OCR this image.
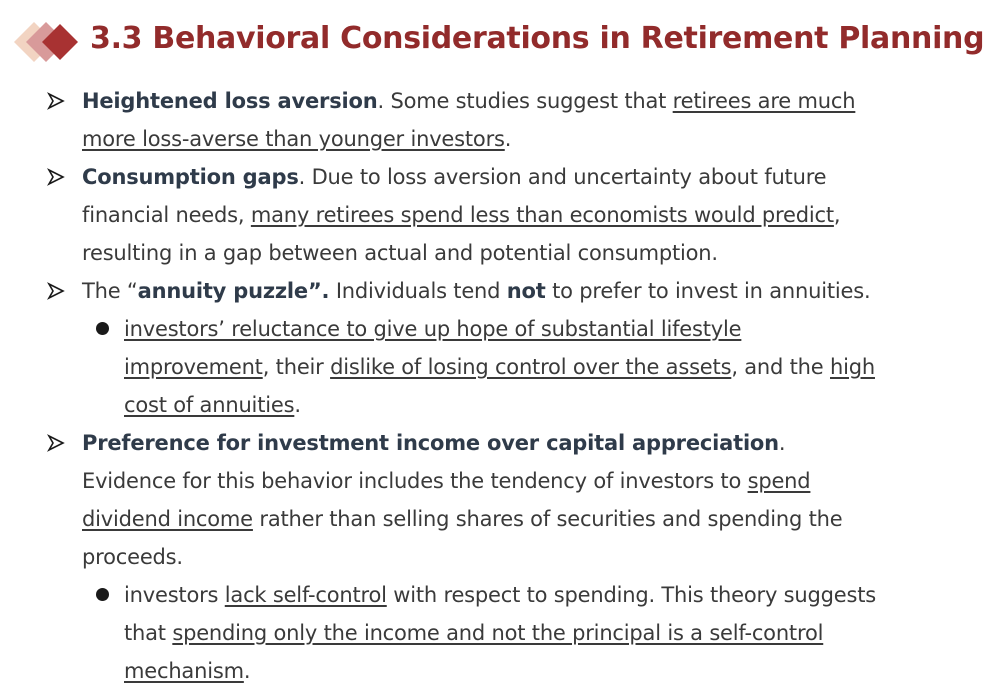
3.3 Behavioral Considerations in Retirement Planning
Heightened loss aversion. Some studies suggest that retirees are much more loss-averse than younger investors.
Consumption gaps. Due to loss aversion and uncertainty about future financial needs, many retirees spend less than economists would predict, resulting in a gap between actual and potential consumption.
The “annuity puzzle”. Individuals tend not to prefer to invest in annuities.
investors’ reluctance to give up hope of substantial lifestyle improvement, their dislike of losing control over the assets, and the high cost of annuities.
Preference for investment income over capital appreciation. Evidence for this behavior includes the tendency of investors to spend dividend income rather than selling shares of securities and spending the proceeds.
investors lack self-control with respect to spending. This theory suggests that spending only the income and not the principal is a self-control mechanism.
